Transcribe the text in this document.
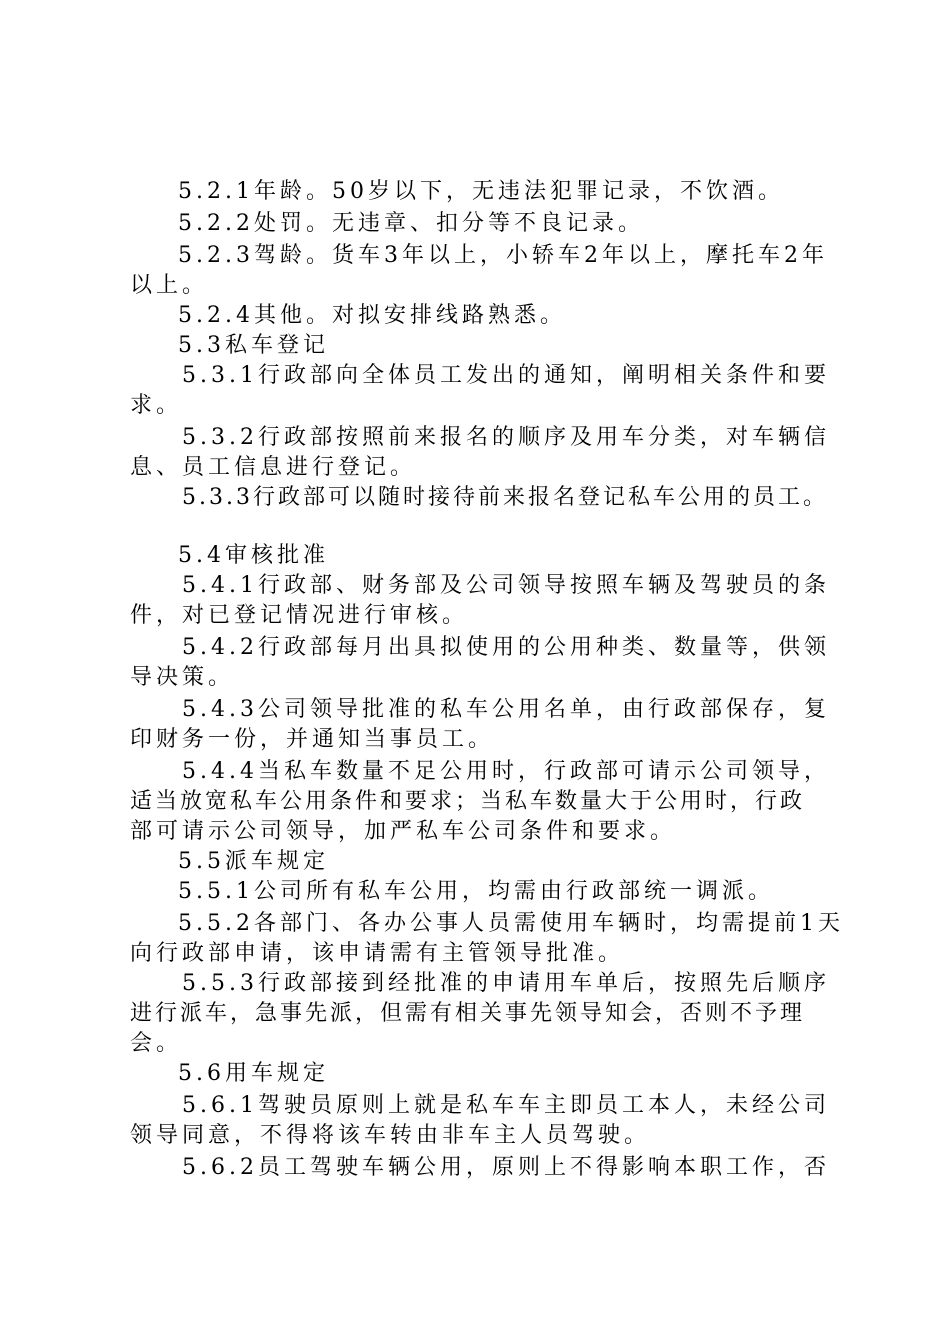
5.2.1年龄。50岁以下，无违法犯罪记录，不饮酒。
5.2.2处罚。无违章、扣分等不良记录。
5.2.3驾龄。货车3年以上，小轿车2年以上，摩托车2年
以上。
5.2.4其他。对拟安排线路熟悉。
5.3私车登记
5.3.1行政部向全体员工发出的通知，阐明相关条件和要
求。
5.3.2行政部按照前来报名的顺序及用车分类，对车辆信
息、员工信息进行登记。
5.3.3行政部可以随时接待前来报名登记私车公用的员工。
5.4审核批准
5.4.1行政部、财务部及公司领导按照车辆及驾驶员的条
件，对已登记情况进行审核。
5.4.2行政部每月出具拟使用的公用种类、数量等，供领
导决策。
5.4.3公司领导批准的私车公用名单，由行政部保存，复
印财务一份，并通知当事员工。
5.4.4当私车数量不足公用时，行政部可请示公司领导，
适当放宽私车公用条件和要求；当私车数量大于公用时，行政
部可请示公司领导，加严私车公司条件和要求。
5.5派车规定
5.5.1公司所有私车公用，均需由行政部统一调派。
5.5.2各部门、各办公事人员需使用车辆时，均需提前1天
向行政部申请，该申请需有主管领导批准。
5.5.3行政部接到经批准的申请用车单后，按照先后顺序
进行派车，急事先派，但需有相关事先领导知会，否则不予理
会。
5.6用车规定
5.6.1驾驶员原则上就是私车车主即员工本人，未经公司
领导同意，不得将该车转由非车主人员驾驶。
5.6.2员工驾驶车辆公用，原则上不得影响本职工作，否
